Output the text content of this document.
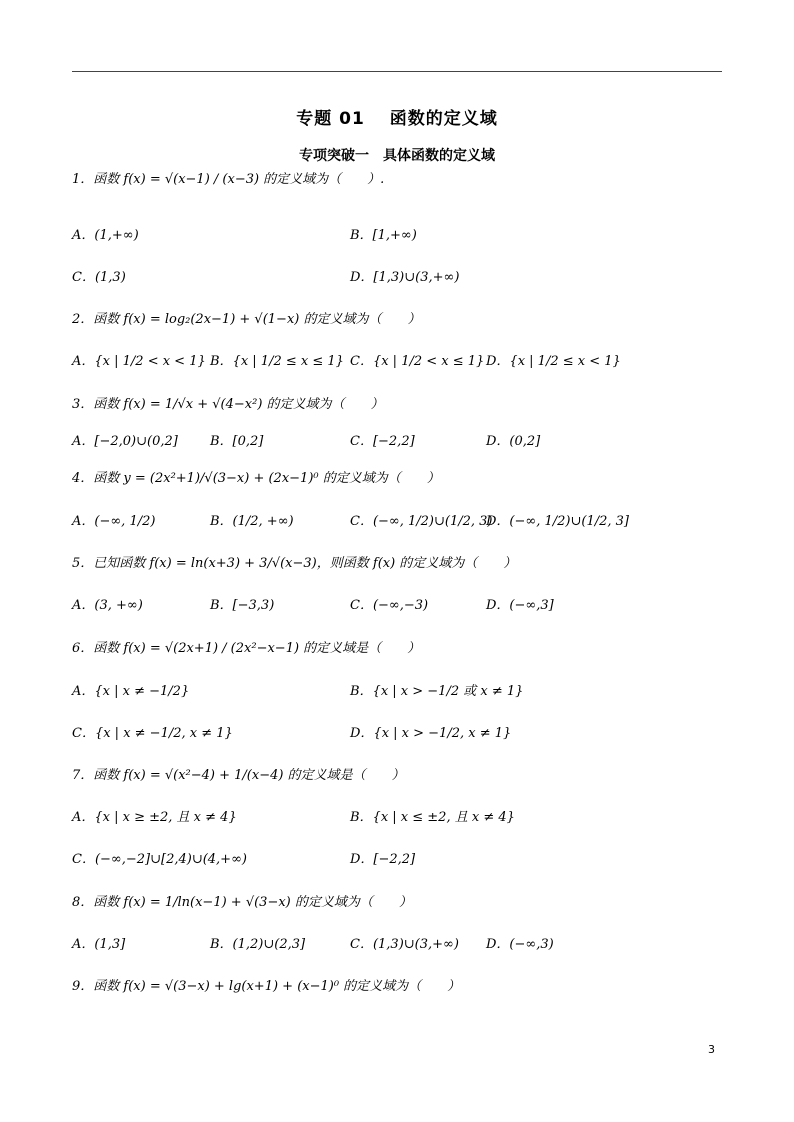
专题 01　 函数的定义域
专项突破一　具体函数的定义域
1．函数 f(x) = √(x−1) / (x−3) 的定义域为（　　）.
A．(1,+∞)	B．[1,+∞)
C．(1,3)	D．[1,3)∪(3,+∞)
2．函数 f(x) = log₂(2x−1) + √(1−x) 的定义域为（　　）
A．{x | 1/2 < x < 1} B．{x | 1/2 ≤ x ≤ 1} C．{x | 1/2 < x ≤ 1} D．{x | 1/2 ≤ x < 1}
3．函数 f(x) = 1/√x + √(4−x²) 的定义域为（　　）
A．[−2,0)∪(0,2] B．[0,2]	C．[−2,2]	D．(0,2]
4．函数 y = (2x²+1)/√(3−x) + (2x−1)⁰ 的定义域为（　　）
A．(−∞, 1/2)	B．(1/2, +∞)	C．(−∞, 1/2)∪(1/2, 3)
D．(−∞, 1/2)∪(1/2, 3]
5．已知函数 f(x) = ln(x+3) + 3/√(x−3)，则函数 f(x) 的定义域为（　　）
A．(3, +∞)	B．[−3,3)	C．(−∞,−3)	D．(−∞,3]
6．函数 f(x) = √(2x+1) / (2x²−x−1) 的定义域是（　　）
A．{x | x ≠ −1/2}	B．{x | x > −1/2 或 x ≠ 1}
C．{x | x ≠ −1/2, x ≠ 1}	D．{x | x > −1/2, x ≠ 1}
7．函数 f(x) = √(x²−4) + 1/(x−4) 的定义域是（　　）
A．{x | x ≥ ±2, 且 x ≠ 4}	B．{x | x ≤ ±2, 且 x ≠ 4}
C．(−∞,−2]∪[2,4)∪(4,+∞)	D．[−2,2]
8．函数 f(x) = 1/ln(x−1) + √(3−x) 的定义域为（　　）
A．(1,3]	B．(1,2)∪(2,3]	C．(1,3)∪(3,+∞) D．(−∞,3)
9．函数 f(x) = √(3−x) + lg(x+1) + (x−1)⁰ 的定义域为（　　）
3
